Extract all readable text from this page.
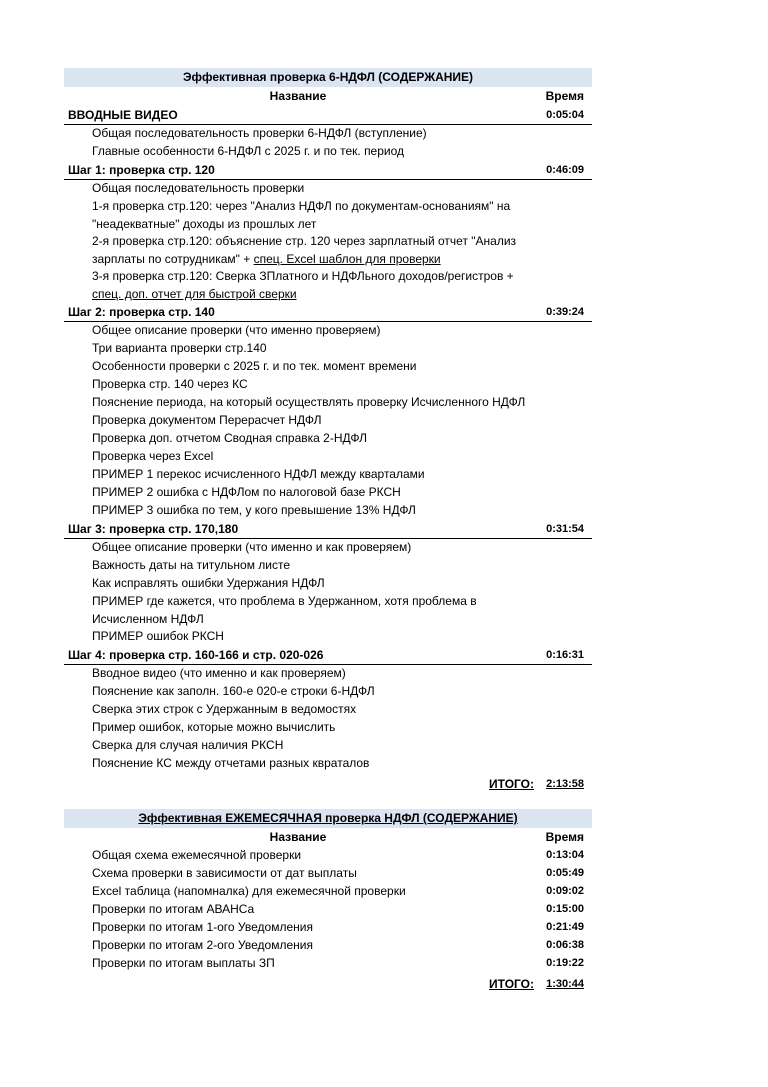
Эффективная проверка 6-НДФЛ (СОДЕРЖАНИЕ)
Название	Время
ВВОДНЫЕ ВИДЕО	0:05:04
Общая последовательность проверки 6-НДФЛ (вступление)
Главные особенности 6-НДФЛ с 2025 г. и по тек. период
Шаг 1: проверка стр. 120	0:46:09
Общая последовательность проверки
1-я проверка стр.120: через "Анализ НДФЛ по документам-основаниям" на "неадекватные" доходы из прошлых лет
2-я проверка стр.120: объяснение стр. 120 через зарплатный отчет "Анализ зарплаты по сотрудникам" + спец. Excel шаблон для проверки
3-я проверка стр.120: Сверка ЗПлатного и НДФЛьного доходов/регистров + спец. доп. отчет для быстрой сверки
Шаг 2: проверка стр. 140	0:39:24
Общее описание проверки (что именно проверяем)
Три варианта проверки стр.140
Особенности проверки с 2025 г. и по тек. момент времени
Проверка стр. 140 через КС
Пояснение периода, на который осуществлять проверку Исчисленного НДФЛ
Проверка документом Перерасчет НДФЛ
Проверка доп. отчетом Сводная справка 2-НДФЛ
Проверка через Excel
ПРИМЕР 1 перекос исчисленного НДФЛ между кварталами
ПРИМЕР 2 ошибка с НДФЛом по налоговой базе РКСН
ПРИМЕР 3 ошибка по тем, у кого превышение 13% НДФЛ
Шаг 3: проверка стр. 170,180	0:31:54
Общее описание проверки (что именно и как проверяем)
Важность даты на титульном листе
Как исправлять ошибки Удержания НДФЛ
ПРИМЕР где кажется, что проблема в Удержанном, хотя проблема в Исчисленном НДФЛ
ПРИМЕР ошибок РКСН
Шаг 4: проверка стр. 160-166 и стр. 020-026	0:16:31
Вводное видео (что именно и как проверяем)
Пояснение как заполн. 160-е 020-е строки 6-НДФЛ
Сверка этих строк с Удержанным в ведомостях
Пример ошибок, которые можно вычислить
Сверка для случая наличия РКСН
Пояснение КС между отчетами разных квраталов
ИТОГО: 2:13:58
Эффективная ЕЖЕМЕСЯЧНАЯ проверка НДФЛ (СОДЕРЖАНИЕ)
Название	Время
Общая схема ежемесячной проверки	0:13:04
Схема проверки в зависимости от дат выплаты	0:05:49
Excel таблица (напомналка) для ежемесячной проверки	0:09:02
Проверки по итогам АВАНСа	0:15:00
Проверки по итогам 1-ого Уведомления	0:21:49
Проверки по итогам 2-ого Уведомления	0:06:38
Проверки по итогам выплаты ЗП	0:19:22
ИТОГО: 1:30:44
